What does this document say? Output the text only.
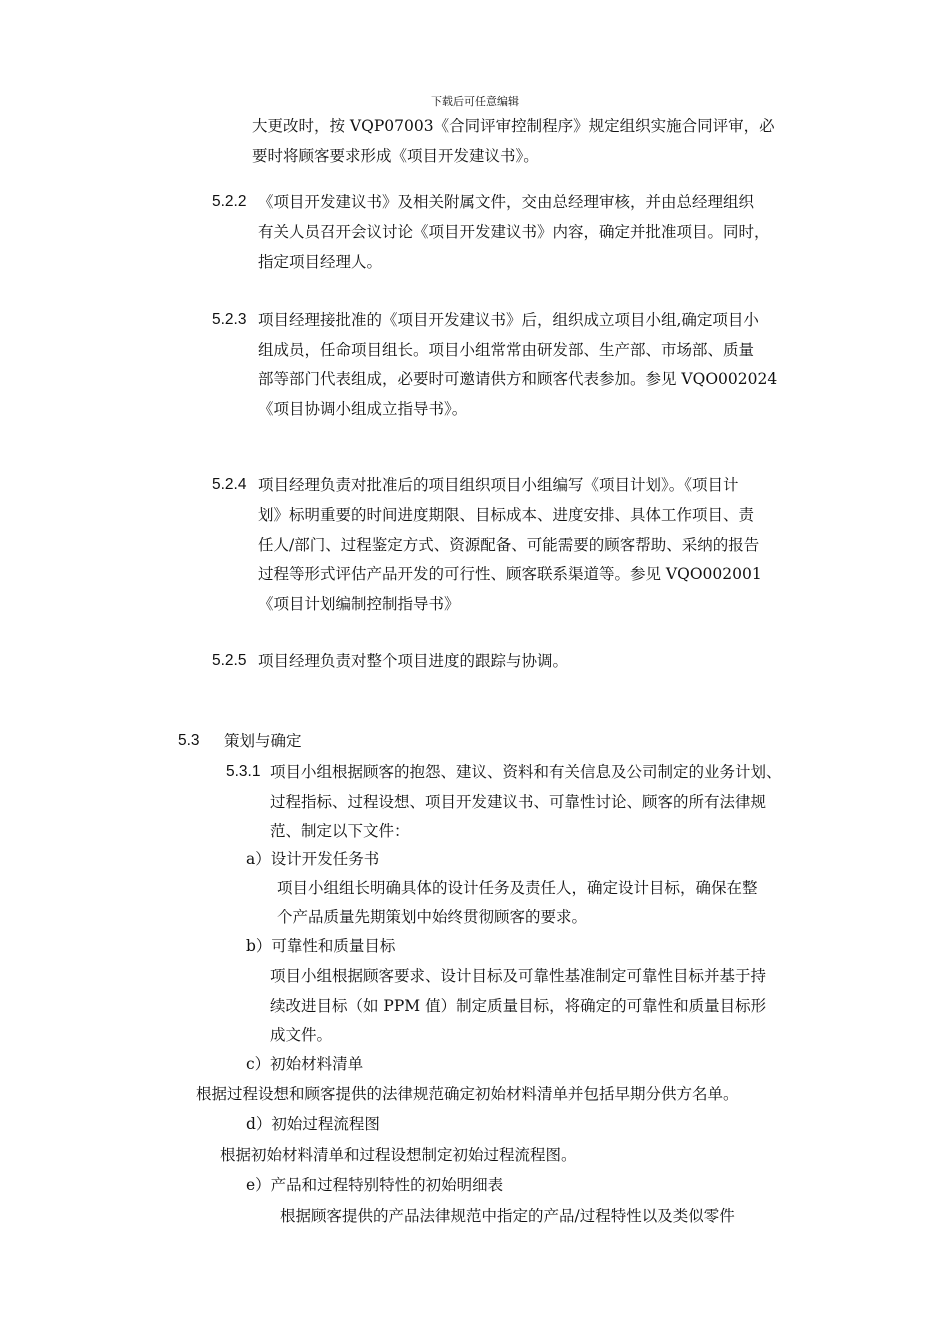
下载后可任意编辑
大更改时，按 VQP07003《合同评审控制程序》规定组织实施合同评审，必
要时将顾客要求形成《项目开发建议书》。
5.2.2 《项目开发建议书》及相关附属文件，交由总经理审核，并由总经理组织
有关人员召开会议讨论《项目开发建议书》内容，确定并批准项目。同时，
指定项目经理人。
5.2.3 项目经理接批准的《项目开发建议书》后，组织成立项目小组,确定项目小
组成员，任命项目组长。项目小组常常由研发部、生产部、市场部、质量
部等部门代表组成，必要时可邀请供方和顾客代表参加。参见 VQO002024
《项目协调小组成立指导书》。
5.2.4 项目经理负责对批准后的项目组织项目小组编写《项目计划》。《项目计
划》标明重要的时间进度期限、目标成本、进度安排、具体工作项目、责
任人/部门、过程鉴定方式、资源配备、可能需要的顾客帮助、采纳的报告
过程等形式评估产品开发的可行性、顾客联系渠道等。参见 VQO002001
《项目计划编制控制指导书》
5.2.5 项目经理负责对整个项目进度的跟踪与协调。
5.3 策划与确定
5.3.1 项目小组根据顾客的抱怨、建议、资料和有关信息及公司制定的业务计划、
过程指标、过程设想、项目开发建议书、可靠性讨论、顾客的所有法律规
范、制定以下文件：
a）设计开发任务书
项目小组组长明确具体的设计任务及责任人，确定设计目标，确保在整
个产品质量先期策划中始终贯彻顾客的要求。
b）可靠性和质量目标
项目小组根据顾客要求、设计目标及可靠性基准制定可靠性目标并基于持
续改进目标（如 PPM 值）制定质量目标，将确定的可靠性和质量目标形
成文件。
c）初始材料清单
根据过程设想和顾客提供的法律规范确定初始材料清单并包括早期分供方名单。
d）初始过程流程图
根据初始材料清单和过程设想制定初始过程流程图。
e）产品和过程特别特性的初始明细表
根据顾客提供的产品法律规范中指定的产品/过程特性以及类似零件
